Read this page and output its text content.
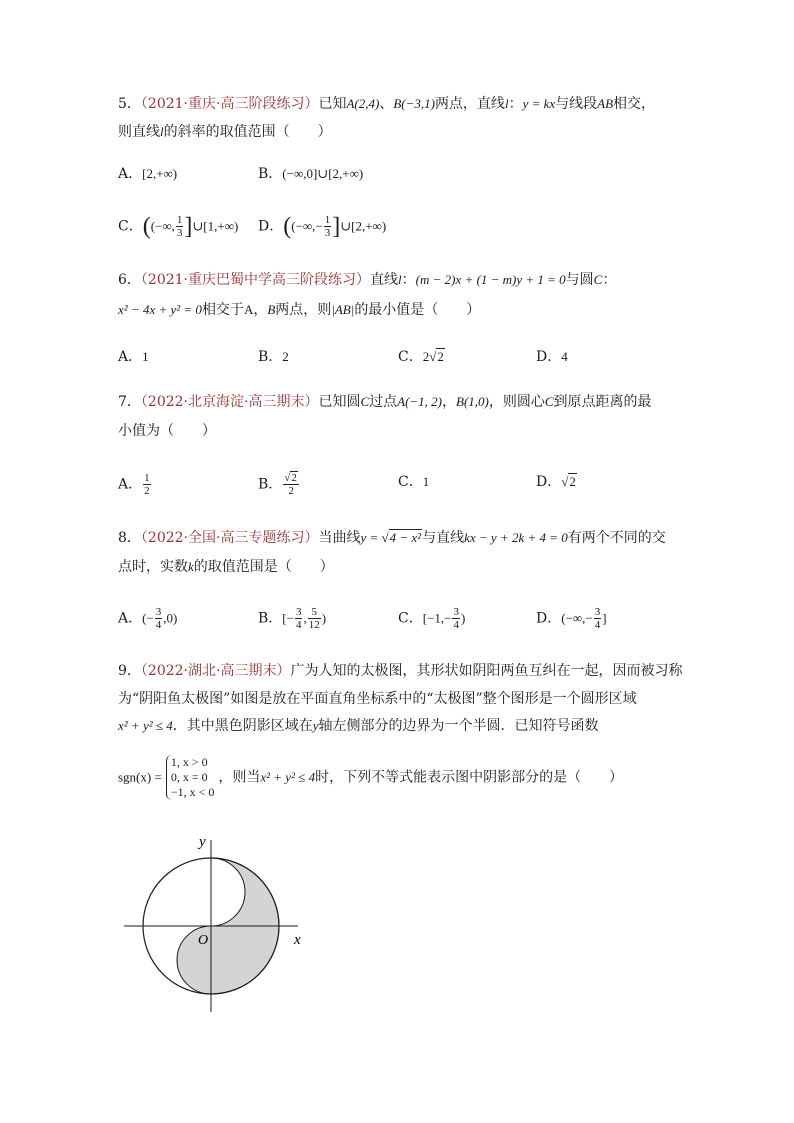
5．（2021·重庆·高三阶段练习）已知A(2,4)、B(−3,1)两点，直线l：y = kx与线段AB相交，
则直线l的斜率的取值范围（　　）
A．[2,+∞)	B．(−∞,0]∪[2,+∞)
C．((−∞, $\frac{1}{3}$ ]∪[1,+∞) D．((−∞,− $\frac{1}{3}$ ]∪[2,+∞)
6．（2021·重庆巴蜀中学高三阶段练习）直线l：(m − 2)x + (1 − m)y + 1 = 0与圆C：
x² − 4x + y² = 0相交于A，B两点，则|AB|的最小值是（　　）
A．1	B．2	C．2√2	D．4
7．（2022·北京海淀·高三期末）已知圆C过点A(−1, 2)，B(1,0)，则圆心C到原点距离的最
小值为（　　）
A． $\frac{1}{2}$	B． $\frac{√2}{2}$	C．1	D．√2
8．（2022·全国·高三专题练习）当曲线y = √4 − x²与直线kx − y + 2k + 4 = 0有两个不同的交
点时，实数k的取值范围是（　　）
A．(− $\frac{3}{4} ,0$)	B．[− $\frac{3}{4}$ , $\frac{5}{12}$ )	C．[$-1,- \frac{3}{4}$ )	D．(−∞,− $\frac{3}{4}$ ]
9．（2022·湖北·高三期末）广为人知的太极图，其形状如阴阳两鱼互纠在一起，因而被习称
为“阴阳鱼太极图”如图是放在平面直角坐标系中的“太极图”整个图形是一个圆形区域
x² + y² ≤ 4．其中黑色阴影区域在y轴左侧部分的边界为一个半圆．已知符号函数
sgn(x) =
1, x > 0
0, x = 0
−1, x < 0
，则当x² + y² ≤ 4时，下列不等式能表示图中阴影部分的是（　　）
y
x
O
